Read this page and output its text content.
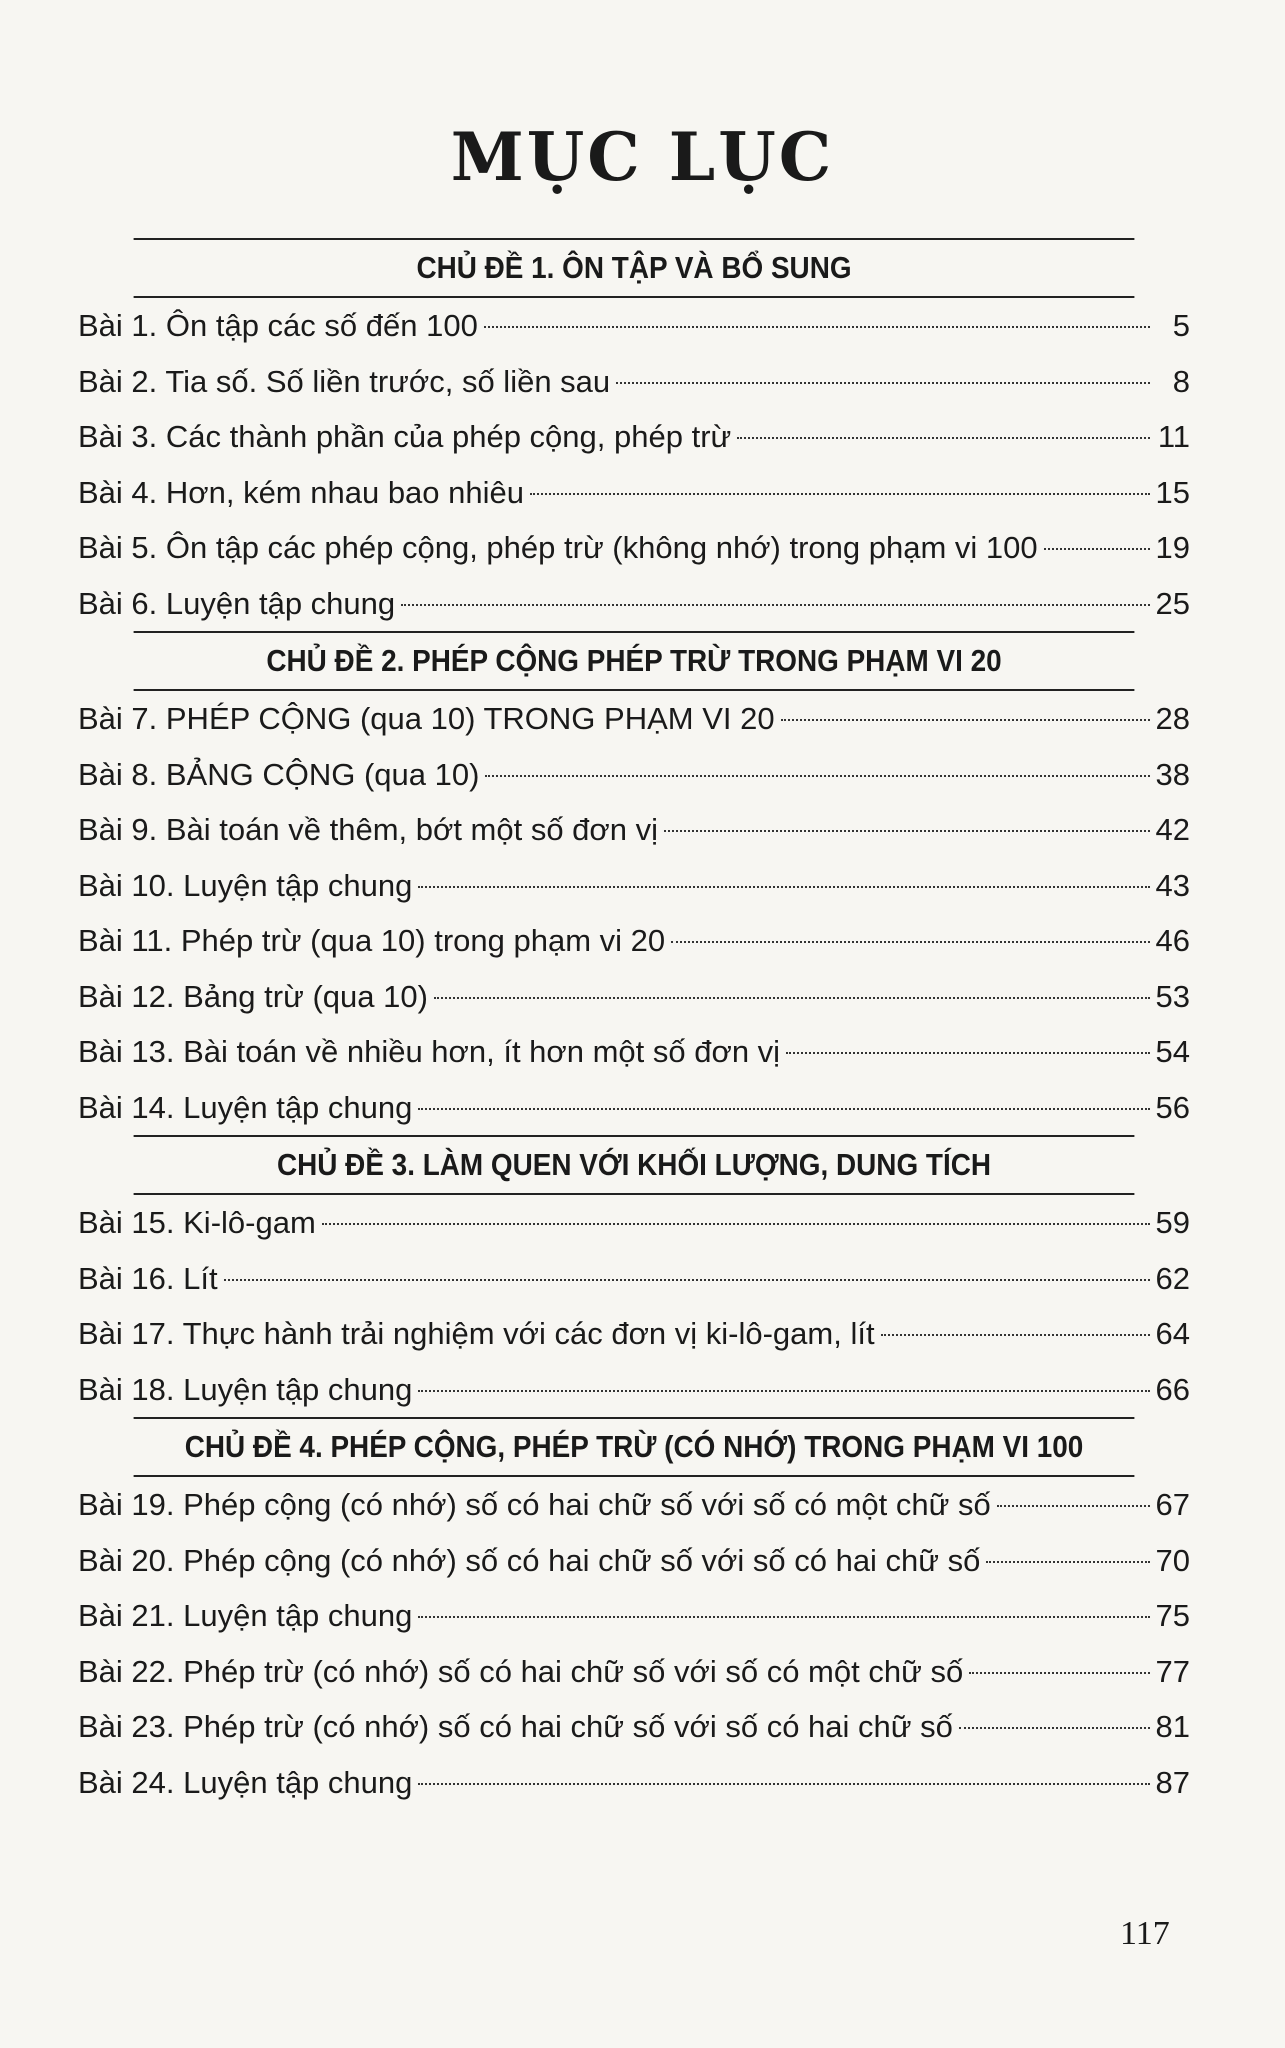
MỤC LỤC
CHỦ ĐỀ 1. ÔN TẬP VÀ BỔ SUNG
Bài 1. Ôn tập các số đến 100	5
Bài 2. Tia số. Số liền trước, số liền sau	8
Bài 3. Các thành phần của phép cộng, phép trừ	11
Bài 4. Hơn, kém nhau bao nhiêu	15
Bài 5. Ôn tập các phép cộng, phép trừ (không nhớ) trong phạm vi 100	19
Bài 6. Luyện tập chung	25
CHỦ ĐỀ 2. PHÉP CỘNG PHÉP TRỪ TRONG PHẠM VI 20
Bài 7. PHÉP CỘNG (qua 10) TRONG PHẠM VI 20	28
Bài 8. BẢNG CỘNG (qua 10)	38
Bài 9. Bài toán về thêm, bớt một số đơn vị	42
Bài 10. Luyện tập chung	43
Bài 11. Phép trừ (qua 10) trong phạm vi 20	46
Bài 12. Bảng trừ (qua 10)	53
Bài 13. Bài toán về nhiều hơn, ít hơn một số đơn vị	54
Bài 14. Luyện tập chung	56
CHỦ ĐỀ 3. LÀM QUEN VỚI KHỐI LƯỢNG, DUNG TÍCH
Bài 15. Ki-lô-gam	59
Bài 16. Lít	62
Bài 17. Thực hành trải nghiệm với các đơn vị ki-lô-gam, lít	64
Bài 18. Luyện tập chung	66
CHỦ ĐỀ 4. PHÉP CỘNG, PHÉP TRỪ (CÓ NHỚ) TRONG PHẠM VI 100
Bài 19. Phép cộng (có nhớ) số có hai chữ số với số có một chữ số	67
Bài 20. Phép cộng (có nhớ) số có hai chữ số với số có hai chữ số	70
Bài 21. Luyện tập chung	75
Bài 22. Phép trừ (có nhớ) số có hai chữ số với số có một chữ số	77
Bài 23. Phép trừ (có nhớ) số có hai chữ số với số có hai chữ số	81
Bài 24. Luyện tập chung	87
117
